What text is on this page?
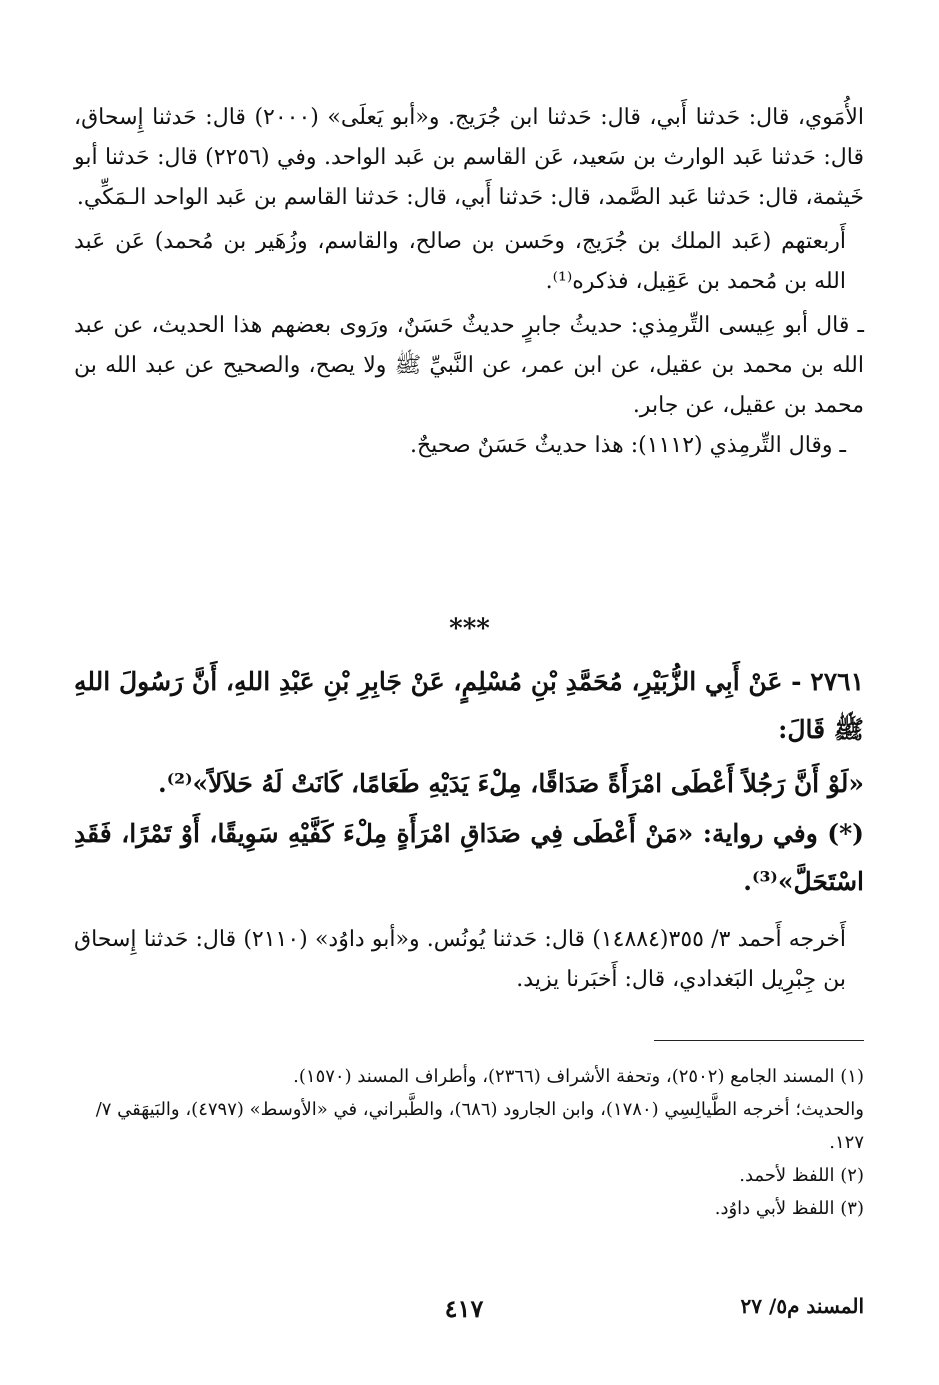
الأُمَوي، قال: حَدثنا أَبي، قال: حَدثنا ابن جُرَيج. و«أبو يَعلَى» (٢٠٠٠) قال: حَدثنا إِسحاق، قال: حَدثنا عَبد الوارث بن سَعيد، عَن القاسم بن عَبد الواحد. وفي (٢٢٥٦) قال: حَدثنا أبو خَيثمة، قال: حَدثنا عَبد الصَّمد، قال: حَدثنا أَبي، قال: حَدثنا القاسم بن عَبد الواحد الـمَكِّي.

أَربعتهم (عَبد الملك بن جُرَيج، وحَسن بن صالح، والقاسم، وزُهَير بن مُحمد) عَن عَبد الله بن مُحمد بن عَقِيل، فذكره⁽¹⁾.

ـ قال أبو عِيسى التِّرمِذي: حديثُ جابرٍ حديثٌ حَسَنٌ، ورَوى بعضهم هذا الحديث، عن عبد الله بن محمد بن عقيل، عن ابن عمر، عن النَّبيِّ ﷺ ولا يصح، والصحيح عن عبد الله بن محمد بن عقيل، عن جابر.

ـ وقال التِّرمِذي (١١١٢): هذا حديثٌ حَسَنٌ صحيحٌ.

***

٢٧٦١ - عَنْ أَبِي الزُّبَيْرِ، مُحَمَّدِ بْنِ مُسْلِمٍ، عَنْ جَابِرِ بْنِ عَبْدِ اللهِ، أَنَّ رَسُولَ اللهِ ﷺ قَالَ:

«لَوْ أَنَّ رَجُلاً أَعْطَى امْرَأَةً صَدَاقًا، مِلْءَ يَدَيْهِ طَعَامًا، كَانَتْ لَهُ حَلاَلاً»⁽²⁾.

(*) وفي رواية: «مَنْ أَعْطَى فِي صَدَاقِ امْرَأَةٍ مِلْءَ كَفَّيْهِ سَوِيقًا، أَوْ تَمْرًا، فَقَدِ اسْتَحَلَّ»⁽³⁾.

أَخرجه أَحمد ٣/ ٣٥٥(١٤٨٨٤) قال: حَدثنا يُونُس. و«أبو داوُد» (٢١١٠) قال: حَدثنا إِسحاق بن جِبْرِيل البَغدادي، قال: أَخبَرنا يزيد.

(١) المسند الجامع (٢٥٠٢)، وتحفة الأشراف (٢٣٦٦)، وأطراف المسند (١٥٧٠).

والحديث؛ أخرجه الطَّيالِسِي (١٧٨٠)، وابن الجارود (٦٨٦)، والطَّبراني، في «الأوسط» (٤٧٩٧)، والبَيهَقي ٧/ ١٢٧.

(٢) اللفظ لأحمد.

(٣) اللفظ لأبي داوُد.

المسند م٥/ ٢٧
٤١٧
